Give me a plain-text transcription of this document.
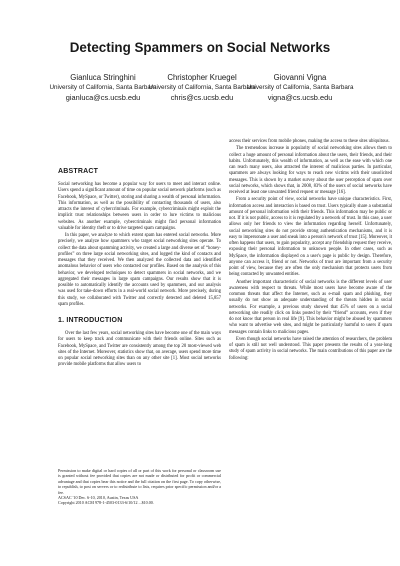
Detecting Spammers on Social Networks
Gianluca Stringhini
University of California, Santa Barbara
gianluca@cs.ucsb.edu
Christopher Kruegel
University of California, Santa Barbara
chris@cs.ucsb.edu
Giovanni Vigna
University of California, Santa Barbara
vigna@cs.ucsb.edu
ABSTRACT

Social networking has become a popular way for users to meet and interact online. Users spend a significant amount of time on popular social network platforms (such as Facebook, MySpace, or Twitter), storing and sharing a wealth of personal information. This information, as well as the possibility of contacting thousands of users, also attracts the interest of cybercriminals. For example, cybercriminals might exploit the implicit trust relationships between users in order to lure victims to malicious websites. As another example, cybercriminals might find personal information valuable for identity theft or to drive targeted spam campaigns.

In this paper, we analyze to which extent spam has entered social networks. More precisely, we analyze how spammers who target social networking sites operate. To collect the data about spamming activity, we created a large and diverse set of “honey-profiles” on three large social networking sites, and logged the kind of contacts and messages that they received. We then analyzed the collected data and identified anomalous behavior of users who contacted our profiles. Based on the analysis of this behavior, we developed techniques to detect spammers in social networks, and we aggregated their messages in large spam campaigns. Our results show that it is possible to automatically identify the accounts used by spammers, and our analysis was used for take-down efforts in a real-world social network. More precisely, during this study, we collaborated with Twitter and correctly detected and deleted 15,857 spam profiles.

1. INTRODUCTION

Over the last few years, social networking sites have become one of the main ways for users to keep track and communicate with their friends online. Sites such as Facebook, MySpace, and Twitter are consistently among the top 20 most-viewed web sites of the Internet. Moreover, statistics show that, on average, users spend more time on popular social networking sites than on any other site [1]. Most social networks provide mobile platforms that allow users to

Permission to make digital or hard copies of all or part of this work for personal or classroom use is granted without fee provided that copies are not made or distributed for profit or commercial advantage and that copies bear this notice and the full citation on the first page. To copy otherwise, to republish, to post on servers or to redistribute to lists, requires prior specific permission and/or a fee.

ACSAC '10 Dec. 6-10, 2010, Austin, Texas USA

Copyright 2010 ACM 978-1-4503-0133-6/10/12 ...$10.00.

access their services from mobile phones, making the access to these sites ubiquitous.

The tremendous increase in popularity of social networking sites allows them to collect a huge amount of personal information about the users, their friends, and their habits. Unfortunately, this wealth of information, as well as the ease with which one can reach many users, also attracted the interest of malicious parties. In particular, spammers are always looking for ways to reach new victims with their unsolicited messages. This is shown by a market survey about the user perception of spam over social networks, which shows that, in 2008, 83% of the users of social networks have received at least one unwanted friend request or message [16].

From a security point of view, social networks have unique characteristics. First, information access and interaction is based on trust. Users typically share a substantial amount of personal information with their friends. This information may be public or not. If it is not public, access to it is regulated by a network of trust. In this case, a user allows only her friends to view the information regarding herself. Unfortunately, social networking sites do not provide strong authentication mechanisms, and it is easy to impersonate a user and sneak into a person's network of trust [15]. Moreover, it often happens that users, to gain popularity, accept any friendship request they receive, exposing their personal information to unknown people. In other cases, such as MySpace, the information displayed on a user's page is public by design. Therefore, anyone can access it, friend or not. Networks of trust are important from a security point of view, because they are often the only mechanism that protects users from being contacted by unwanted entities.

Another important characteristic of social networks is the different levels of user awareness with respect to threats. While most users have become aware of the common threats that affect the Internet, such as e-mail spam and phishing, they usually do not show an adequate understanding of the threats hidden in social networks. For example, a previous study showed that 45% of users on a social networking site readily click on links posted by their “friend” accounts, even if they do not know that person in real life [9]. This behavior might be abused by spammers who want to advertise web sites, and might be particularly harmful to users if spam messages contain links to malicious pages.

Even though social networks have raised the attention of researchers, the problem of spam is still not well understood. This paper presents the results of a year-long study of spam activity in social networks. The main contributions of this paper are the following:
